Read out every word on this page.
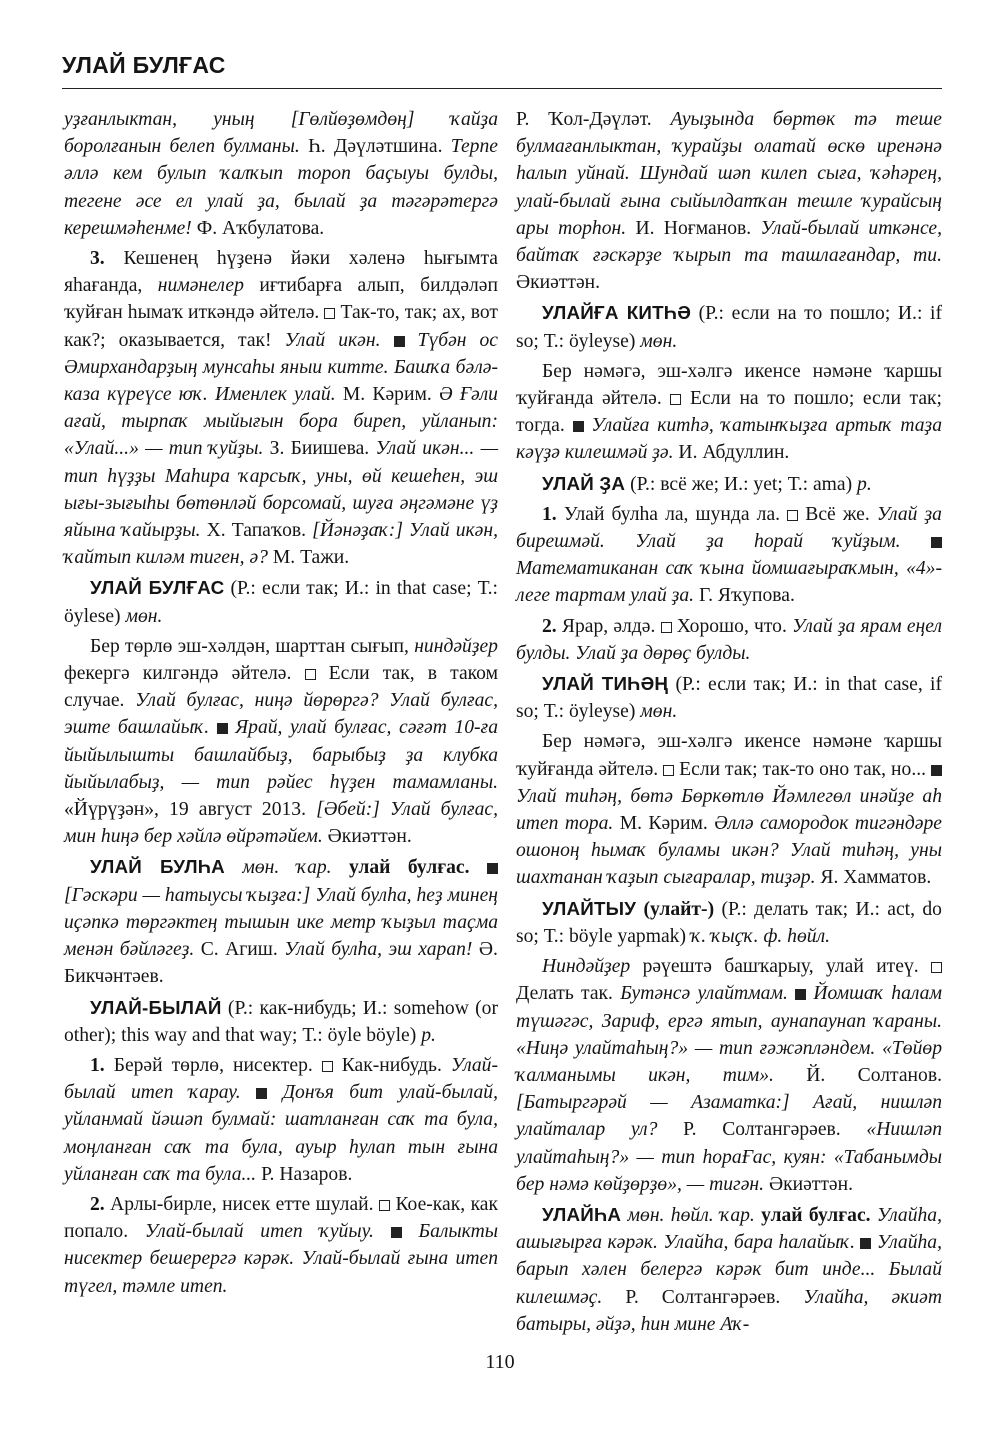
УЛАЙ БУЛҒАС

уҙғанлыктан, уның [Гөлйөҙөмдөң] ҡайҙа боролғанын белеп булманы. Һ. Дәүләтшина. Терпе әллә кем булып ҡалҡып тороп баҫыуы булды, тегене әсе ел улай ҙа, былай ҙа тәгәрәтергә керешмәһенме! Ф. Аҡбулатова.

3. Кешенең һүҙенә йәки хәленә һығымта яһағанда, нимәнелер иғтибарға алып, билдәләп ҡуйған һымаҡ иткәндә әйтелә. Так-то, так; ах, вот как?; оказывается, так! Улай икән. Түбән ос Әмирхандарҙың мунсаһы яныи китте. Башҡа бәлә-каза күреүсе юҡ. Именлек улай. М. Кәрим. Ә Ғәли ағай, тырпаҡ мыйығын бора биреп, уйланып: «Улай...» — тип ҡуйҙы. З. Биишева. Улай икән... — тип һүҙҙы Маһира ҡарсыҡ, уны, өй кешеһен, эш ығы-зығыһы бөтөнләй борсомай, шуға әңгәмәне үҙ яйына ҡайырҙы. Х. Тапаҡов. [Йәнәҙаҡ:] Улай икән, ҡайтып киләм тиген, ә? М. Тажи.

УЛАЙ БУЛҒАС (Р.: если так; И.: in that case; Т.: öylese) мөн.

Бер төрлө эш-хәлдән, шарттан сығып, ниндәйҙер фекергә килгәндә әйтелә. Если так, в таком случае. Улай булғас, ниңә йөрөргә? Улай булғас, эште башлайыҡ. Ярай, улай булғас, сәғәт 10-ға йыйылышты башлайбыҙ, барыбыҙ ҙа клубка йыйылабыҙ, — тип рәйес һүҙен тамамланы. «Йүрүҙән», 19 август 2013. [Әбей:] Улай булғас, мин һиңә бер хәйлә өйрәтәйем. Әкиәттән.

УЛАЙ БУЛҺА мөн. ҡар. улай булғас.  [Гәскәри — һатыусы ҡыҙға:] Улай булһа, һеҙ минең иҫәпкә төргәктең тышын ике метр ҡыҙыл таҫма менән бәйләгеҙ. С. Агиш. Улай булһа, эш харап! Ә. Бикчәнтәев.

УЛАЙ-БЫЛАЙ (Р.: как-нибудь; И.: somehow (or other); this way and that way; Т.: öyle böyle) р.

1. Берәй төрлө, нисектер. Как-нибудь. Улай-былай итеп ҡарау. Донъя бит улай-былай, уйланмай йәшәп булмай: шатланған саҡ та була, моңланған саҡ та була, ауыр һулап тын ғына уйланған саҡ та була... Р. Назаров.

2. Арлы-бирле, нисек етте шулай. Кое-как, как попало. Улай-былай итеп ҡуйыу. Балыкты нисектер бешерергә кәрәк. Улай-былай ғына итеп түгел, тәмле итеп.

Р. Ҡол-Дәүләт. Ауыҙында бөртөк тә теше булмағанлыктан, ҡурайҙы олатай өскө иренәнә һалып уйнай. Шундай шәп килеп сыға, ҡәһәрең, улай-былай ғына сыйылдатҡан тешле ҡурайсың ары торһон. И. Ноғманов. Улай-былай иткәнсе, байтаҡ ғәскәрҙе ҡырып та ташлағандар, ти. Әкиәттән.

УЛАЙҒА КИТҺӘ (Р.: если на то пошло; И.: if so; Т.: öyleyse) мөн.

Бер нәмәгә, эш-хәлгә икенсе нәмәне ҡаршы ҡуйғанда әйтелә. Если на то пошло; если так; тогда. Улайға китһә, ҡатынҡыҙға артыҡ таҙа кәүҙә килешмәй ҙә. И. Абдуллин.

УЛАЙ ҘА (Р.: всё же; И.: yet; Т.: ama) р.

1. Улай булһа ла, шунда ла. Всё же. Улай ҙа бирешмәй. Улай ҙа һорай ҡуйҙым.  Математиканан саҡ ҡына йомшағыраҡмын, «4»-леге тартам улай ҙа. Г. Яҡупова.

2. Ярар, әлдә. Хорошо, что. Улай ҙа ярам еңел булды. Улай ҙа дөрөҫ булды.

УЛАЙ ТИҺӘҢ (Р.: если так; И.: in that case, if so; Т.: öyleyse) мөн.

Бер нәмәгә, эш-хәлгә икенсе нәмәне ҡаршы ҡуйғанда әйтелә. Если так; так-то оно так, но...  Улай тиһәң, бөтә Бөркөтлө Йәмлегөл инәйҙе аһ итеп тора. М. Кәрим. Әллә самородок тигәндәре ошоноң һымаҡ буламы икән? Улай тиһәң, уны шахтанан ҡаҙып сығаралар, тиҙәр. Я. Хамматов.

УЛАЙТЫУ (улайт-) (Р.: делать так; И.: act, do so; Т.: böyle yapmak) ҡ. ҡыҫҡ. ф. һөйл.

Ниндәйҙер рәүештә башҡарыу, улай итеү.  Делать так. Бутәнсә улайтмам. Йомшаҡ һалам түшәгәс, Зариф, ергә ятып, аунапаунап ҡараны. «Ниңә улайтаһың?» — тип ғәжәпләндем. «Төйөр ҡалманымы икән, тим». Й. Солтанов. [Батыргәрәй — Азаматка:] Ағай, нишләп улайталар ул? Р. Солтангәрәев. «Нишләп улайтаһың?» — тип һораҒас, куян: «Табанымды бер нәмә көйҙөрҙө», — тигән. Әкиәттән.

УЛАЙҺА мөн. һөйл. ҡар. улай булғас. Улайһа, ашығырға кәрәк. Улайһа, бара һалайыҡ. Улайһа, барып хәлен белергә кәрәк бит инде... Былай килешмәҫ. Р. Солтангәрәев. Улайһа, әкиәт батыры, әйҙә, һин мине Аҡ-

110
